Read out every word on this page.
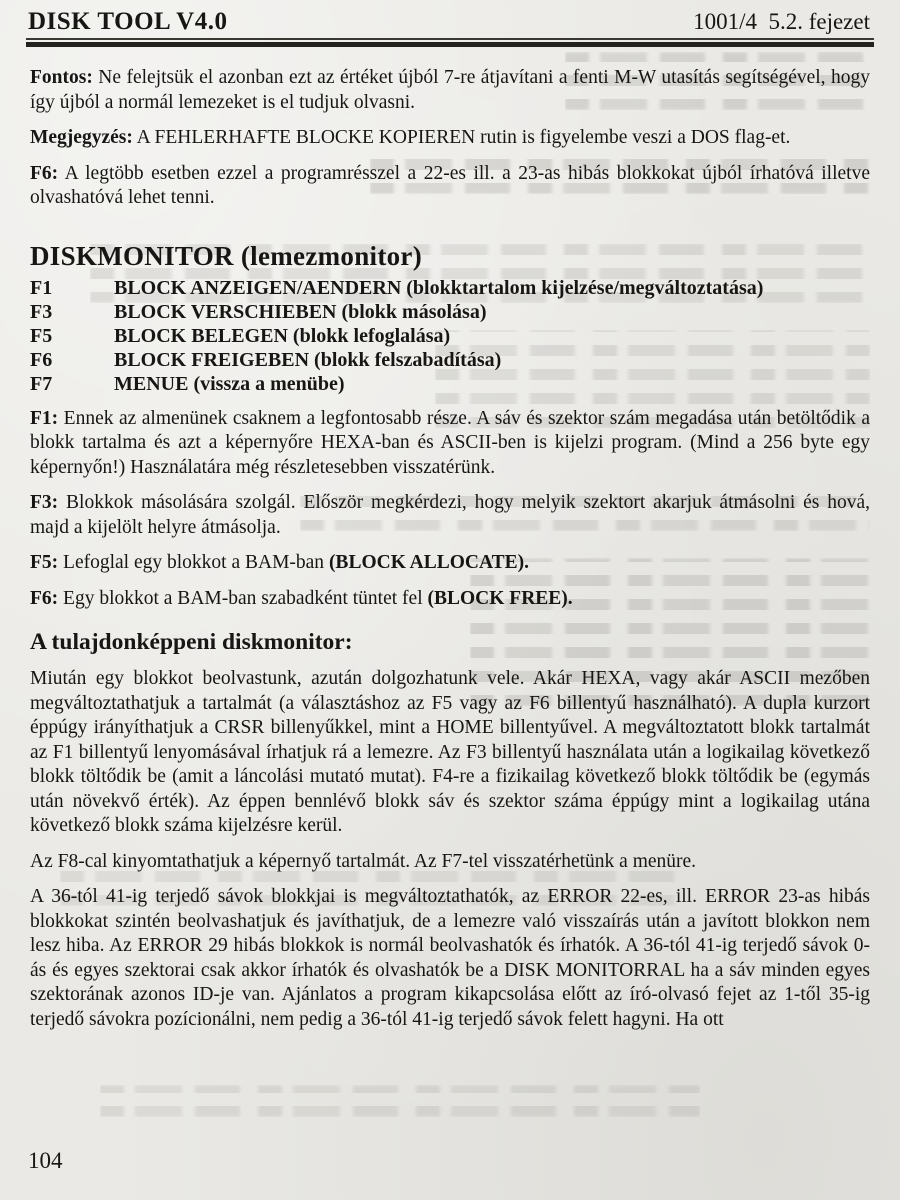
DISK TOOL V4.0	1001/4  5.2. fejezet

Fontos: Ne felejtsük el azonban ezt az értéket újból 7-re átjavítani a fenti M-W utasítás segítségével, hogy így újból a normál lemezeket is el tudjuk olvasni.

Megjegyzés: A FEHLERHAFTE BLOCKE KOPIEREN rutin is figyelembe veszi a DOS flag-et.

F6: A legtöbb esetben ezzel a programrésszel a 22-es ill. a 23-as hibás blokkokat újból írhatóvá illetve olvashatóvá lehet tenni.

DISKMONITOR (lemezmonitor)
F1	BLOCK ANZEIGEN/AENDERN (blokktartalom kijelzése/megváltoztatása)
F3	BLOCK VERSCHIEBEN (blokk másolása)
F5	BLOCK BELEGEN (blokk lefoglalása)
F6	BLOCK FREIGEBEN (blokk felszabadítása)
F7	MENUE (vissza a menübe)

F1: Ennek az almenünek csaknem a legfontosabb része. A sáv és szektor szám megadása után betöltődik a blokk tartalma és azt a képernyőre HEXA-ban és ASCII-ben is kijelzi program. (Mind a 256 byte egy képernyőn!) Használatára még részletesebben visszatérünk.

F3: Blokkok másolására szolgál. Először megkérdezi, hogy melyik szektort akarjuk átmásolni és hová, majd a kijelölt helyre átmásolja.

F5: Lefoglal egy blokkot a BAM-ban (BLOCK ALLOCATE).

F6: Egy blokkot a BAM-ban szabadként tüntet fel (BLOCK FREE).

A tulajdonképpeni diskmonitor:

Miután egy blokkot beolvastunk, azután dolgozhatunk vele. Akár HEXA, vagy akár ASCII mezőben megváltoztathatjuk a tartalmát (a választáshoz az F5 vagy az F6 billentyű használható). A dupla kurzort éppúgy irányíthatjuk a CRSR billenyűkkel, mint a HOME billentyűvel. A megváltoztatott blokk tartalmát az F1 billentyű lenyomásával írhatjuk rá a lemezre. Az F3 billentyű használata után a logikailag következő blokk töltődik be (amit a láncolási mutató mutat). F4-re a fizikailag következő blokk töltődik be (egymás után növekvő érték). Az éppen bennlévő blokk sáv és szektor száma éppúgy mint a logikailag utána következő blokk száma kijelzésre kerül.

Az F8-cal kinyomtathatjuk a képernyő tartalmát. Az F7-tel visszatérhetünk a menüre.

A 36-tól 41-ig terjedő sávok blokkjai is megváltoztathatók, az ERROR 22-es, ill. ERROR 23-as hibás blokkokat szintén beolvashatjuk és javíthatjuk, de a lemezre való visszaírás után a javított blokkon nem lesz hiba. Az ERROR 29 hibás blokkok is normál beolvashatók és írhatók. A 36-tól 41-ig terjedő sávok 0-ás és egyes szektorai csak akkor írhatók és olvashatók be a DISK MONITORRAL ha a sáv minden egyes szektorának azonos ID-je van. Ajánlatos a program kikapcsolása előtt az író-olvasó fejet az 1-től 35-ig terjedő sávokra pozícionálni, nem pedig a 36-tól 41-ig terjedő sávok felett hagyni. Ha ott

104
